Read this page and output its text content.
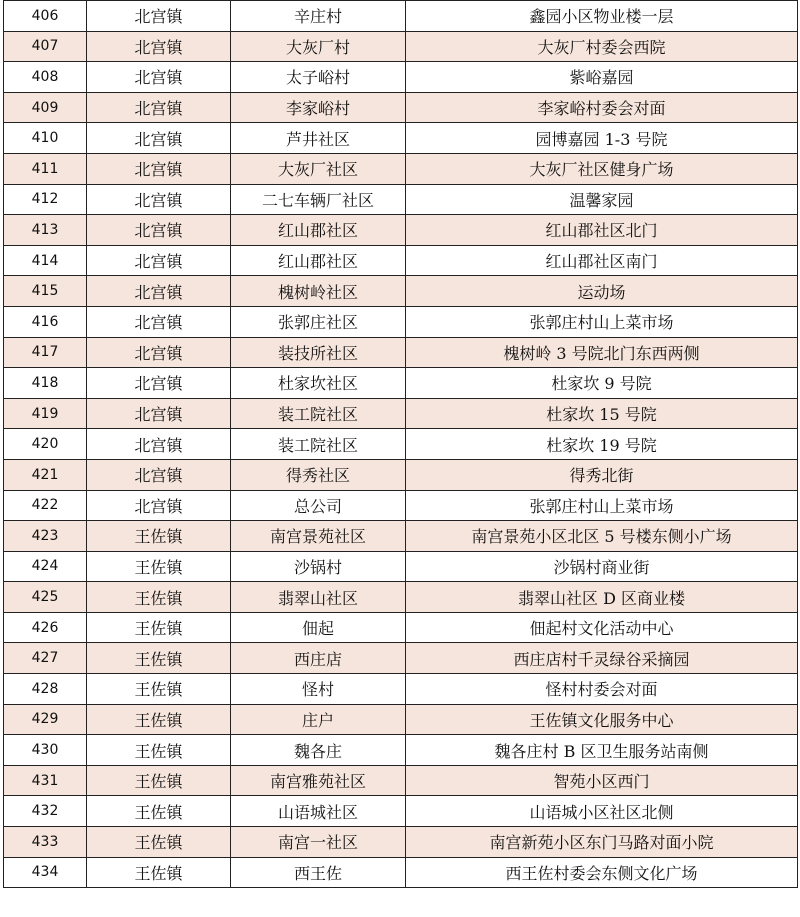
406	北宫镇	辛庄村	鑫园小区物业楼一层
407	北宫镇	大灰厂村	大灰厂村委会西院
408	北宫镇	太子峪村	紫峪嘉园
409	北宫镇	李家峪村	李家峪村委会对面
410	北宫镇	芦井社区	园博嘉园 1-3 号院
411	北宫镇	大灰厂社区	大灰厂社区健身广场
412	北宫镇	二七车辆厂社区	温馨家园
413	北宫镇	红山郡社区	红山郡社区北门
414	北宫镇	红山郡社区	红山郡社区南门
415	北宫镇	槐树岭社区	运动场
416	北宫镇	张郭庄社区	张郭庄村山上菜市场
417	北宫镇	装技所社区	槐树岭 3 号院北门东西两侧
418	北宫镇	杜家坎社区	杜家坎 9 号院
419	北宫镇	装工院社区	杜家坎 15 号院
420	北宫镇	装工院社区	杜家坎 19 号院
421	北宫镇	得秀社区	得秀北街
422	北宫镇	总公司	张郭庄村山上菜市场
423	王佐镇	南宫景苑社区	南宫景苑小区北区 5 号楼东侧小广场
424	王佐镇	沙锅村	沙锅村商业街
425	王佐镇	翡翠山社区	翡翠山社区 D 区商业楼
426	王佐镇	佃起	佃起村文化活动中心
427	王佐镇	西庄店	西庄店村千灵绿谷采摘园
428	王佐镇	怪村	怪村村委会对面
429	王佐镇	庄户	王佐镇文化服务中心
430	王佐镇	魏各庄	魏各庄村 B 区卫生服务站南侧
431	王佐镇	南宫雅苑社区	智苑小区西门
432	王佐镇	山语城社区	山语城小区社区北侧
433	王佐镇	南宫一社区	南宫新苑小区东门马路对面小院
434	王佐镇	西王佐	西王佐村委会东侧文化广场
